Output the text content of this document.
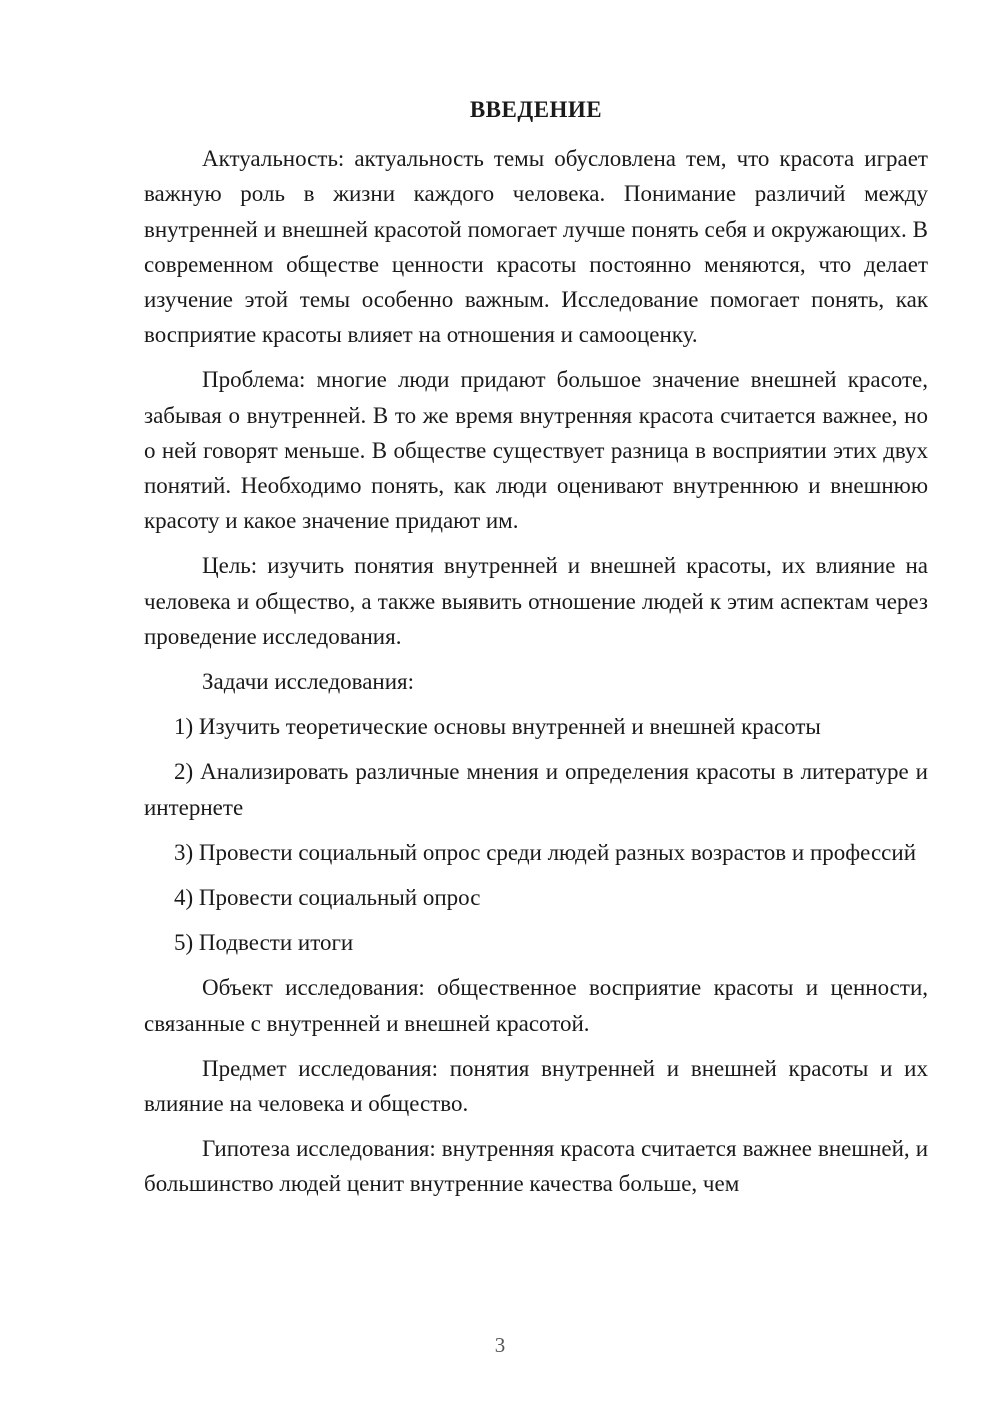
ВВЕДЕНИЕ
Актуальность: актуальность темы обусловлена тем, что красота играет важную роль в жизни каждого человека. Понимание различий между внутренней и внешней красотой помогает лучше понять себя и окружающих. В современном обществе ценности красоты постоянно меняются, что делает изучение этой темы особенно важным. Исследование помогает понять, как восприятие красоты влияет на отношения и самооценку.
Проблема: многие люди придают большое значение внешней красоте, забывая о внутренней. В то же время внутренняя красота считается важнее, но о ней говорят меньше. В обществе существует разница в восприятии этих двух понятий. Необходимо понять, как люди оценивают внутреннюю и внешнюю красоту и какое значение придают им.
Цель: изучить понятия внутренней и внешней красоты, их влияние на человека и общество, а также выявить отношение людей к этим аспектам через проведение исследования.
Задачи исследования:
1) Изучить теоретические основы внутренней и внешней красоты
2) Анализировать различные мнения и определения красоты в литературе и интернете
3) Провести социальный опрос среди людей разных возрастов и профессий
4) Провести социальный опрос
5) Подвести итоги
Объект исследования: общественное восприятие красоты и ценности, связанные с внутренней и внешней красотой.
Предмет исследования: понятия внутренней и внешней красоты и их влияние на человека и общество.
Гипотеза исследования: внутренняя красота считается важнее внешней, и большинство людей ценит внутренние качества больше, чем
3
